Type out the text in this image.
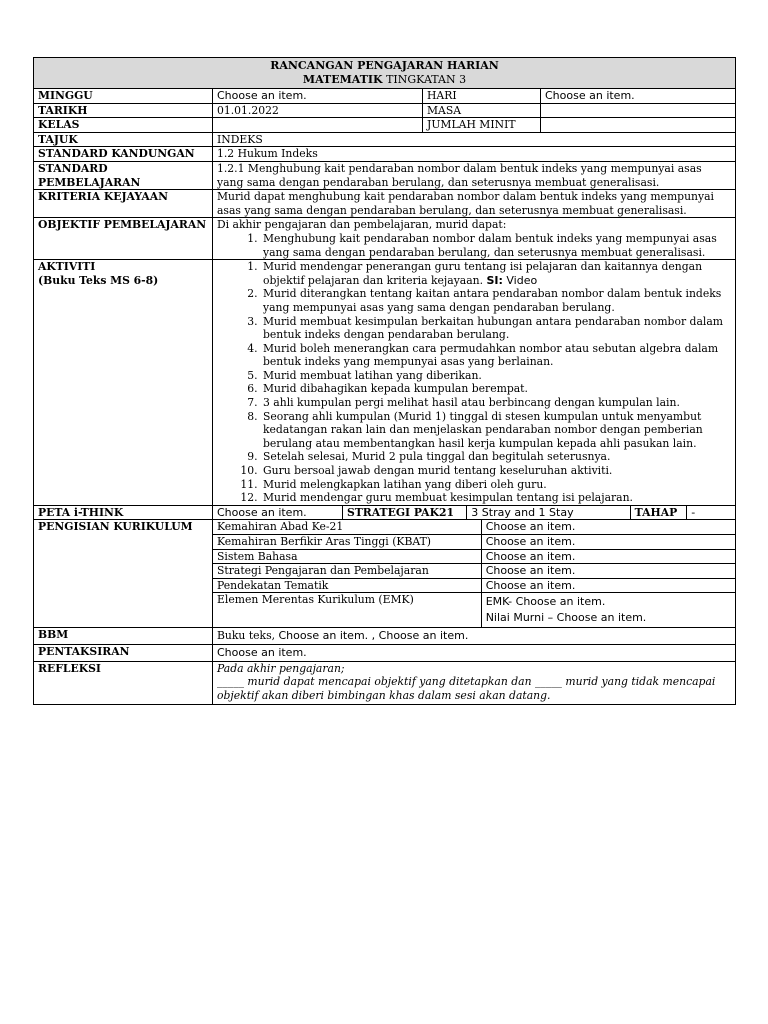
RANCANGAN PENGAJARAN HARIAN
MATEMATIK TINGKATAN 3

MINGGU	Choose an item.	HARI	Choose an item.
TARIKH	01.01.2022	MASA	
KELAS		JUMLAH MINIT	
TAJUK	INDEKS
STANDARD KANDUNGAN	1.2 Hukum Indeks
STANDARD PEMBELAJARAN	1.2.1 Menghubung kait pendaraban nombor dalam bentuk indeks yang mempunyai asas yang sama dengan pendaraban berulang, dan seterusnya membuat generalisasi.
KRITERIA KEJAYAAN	Murid dapat menghubung kait pendaraban nombor dalam bentuk indeks yang mempunyai asas yang sama dengan pendaraban berulang, dan seterusnya membuat generalisasi.
OBJEKTIF PEMBELAJARAN	Di akhir pengajaran dan pembelajaran, murid dapat:
1. Menghubung kait pendaraban nombor dalam bentuk indeks yang mempunyai asas yang sama dengan pendaraban berulang, dan seterusnya membuat generalisasi.

AKTIVITI
(Buku Teks MS 6-8)

1. Murid mendengar penerangan guru tentang isi pelajaran dan kaitannya dengan objektif pelajaran dan kriteria kejayaan. SI: Video
2. Murid diterangkan tentang kaitan antara pendaraban nombor dalam bentuk indeks yang mempunyai asas yang sama dengan pendaraban berulang.
3. Murid membuat kesimpulan berkaitan hubungan antara pendaraban nombor dalam bentuk indeks dengan pendaraban berulang.
4. Murid boleh menerangkan cara permudahkan nombor atau sebutan algebra dalam bentuk indeks yang mempunyai asas yang berlainan.
5. Murid membuat latihan yang diberikan.
6. Murid dibahagikan kepada kumpulan berempat.
7. 3 ahli kumpulan pergi melihat hasil atau berbincang dengan kumpulan lain.
8. Seorang ahli kumpulan (Murid 1) tinggal di stesen kumpulan untuk menyambut kedatangan rakan lain dan menjelaskan pendaraban nombor dengan pemberian berulang atau membentangkan hasil kerja kumpulan kepada ahli pasukan lain.
9. Setelah selesai, Murid 2 pula tinggal dan begitulah seterusnya.
10. Guru bersoal jawab dengan murid tentang keseluruhan aktiviti.
11. Murid melengkapkan latihan yang diberi oleh guru.
12. Murid mendengar guru membuat kesimpulan tentang isi pelajaran.

PETA i-THINK		Choose an item.	STRATEGI PAK21	3 Stray and 1 Stay	TAHAP	-

PENGISIAN KURIKULUM	Kemahiran Abad Ke-21	Choose an item.
Kemahiran Berfikir Aras Tinggi (KBAT)	Choose an item.
Sistem Bahasa	Choose an item.
Strategi Pengajaran dan Pembelajaran	Choose an item.
Pendekatan Tematik	Choose an item.
Elemen Merentas Kurikulum (EMK)	EMK- Choose an item.
Nilai Murni – Choose an item.

BBM	Buku teks, Choose an item. , Choose an item.
PENTAKSIRAN	Choose an item.
REFLEKSI	Pada akhir pengajaran;
_____ murid dapat mencapai objektif yang ditetapkan dan _____ murid yang tidak mencapai objektif akan diberi bimbingan khas dalam sesi akan datang.
